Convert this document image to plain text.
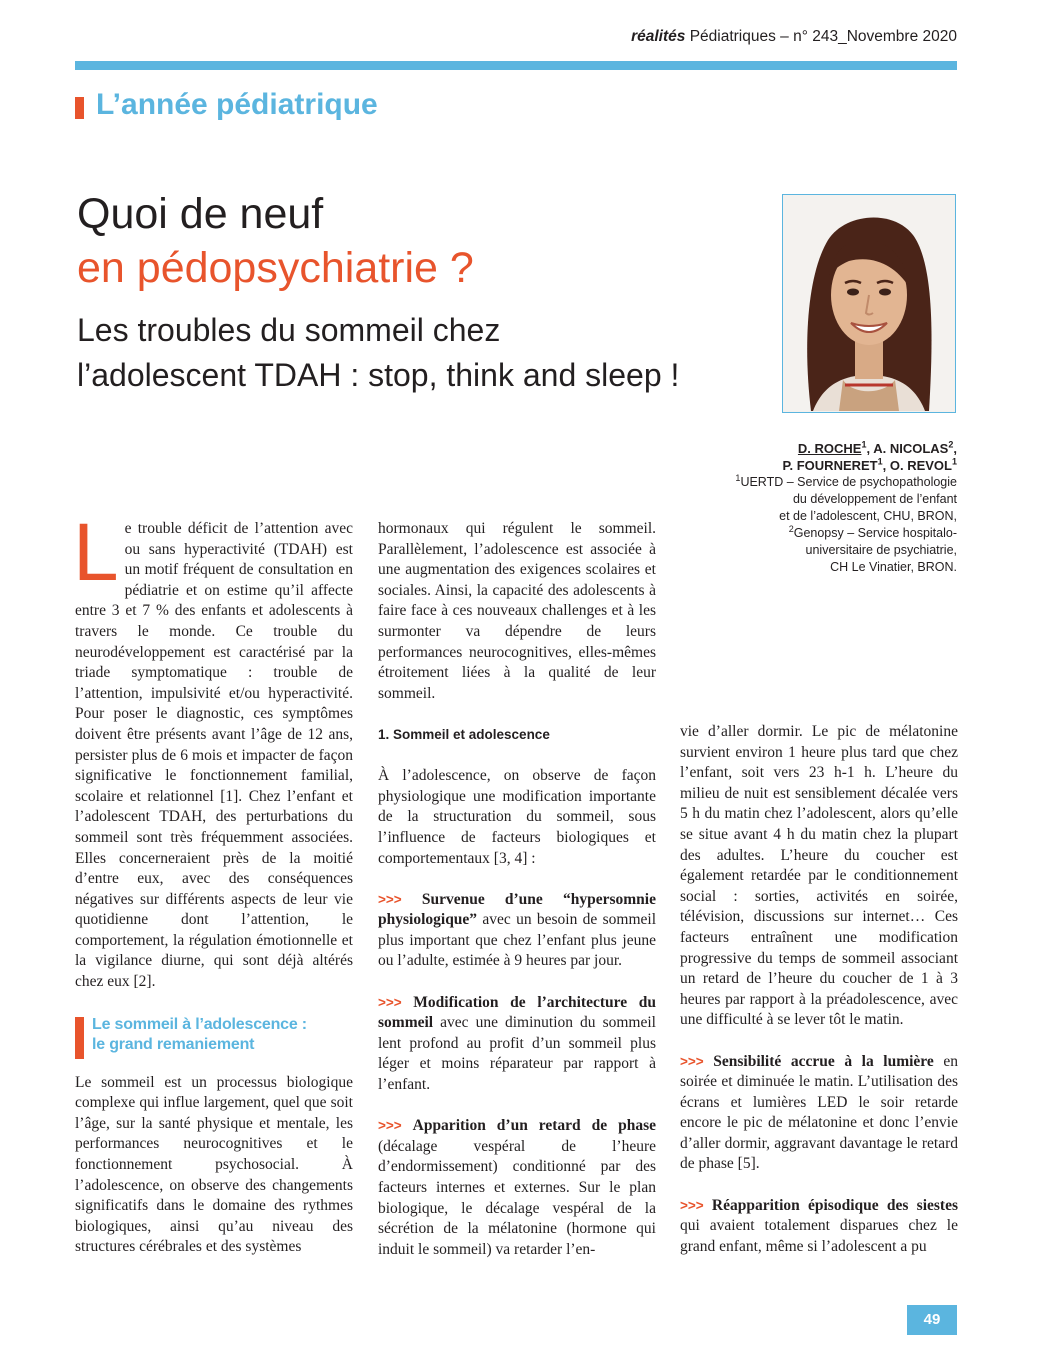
réalités Pédiatriques – n° 243_Novembre 2020
L’année pédiatrique
Quoi de neuf
en pédopsychiatrie ?
Les troubles du sommeil chez
l’adolescent TDAH : stop, think and sleep !
D. ROCHE$^1$, A. NICOLAS$^2$,
P. FOURNERET$^1$, O. REVOL$^1$
$^1$UERTD – Service de psychopathologie
du développement de l’enfant
et de l’adolescent, CHU, BRON,
$^2$Genopsy – Service hospitalo-
universitaire de psychiatrie,
CH Le Vinatier, BRON.

Le trouble déficit de l’attention avec ou sans hyperactivité (TDAH) est un motif fréquent de consultation en pédiatrie et on estime qu’il affecte entre 3 et 7 % des enfants et adolescents à travers le monde. Ce trouble du neurodéveloppement est caractérisé par la triade symptomatique : trouble de l’attention, impulsivité et/ou hyperactivité. Pour poser le diagnostic, ces symptômes doivent être présents avant l’âge de 12 ans, persister plus de 6 mois et impacter de façon significative le fonctionnement familial, scolaire et relationnel [1]. Chez l’enfant et l’adolescent TDAH, des perturbations du sommeil sont très fréquemment associées. Elles concerneraient près de la moitié d’entre eux, avec des conséquences négatives sur différents aspects de leur vie quotidienne dont l’attention, le comportement, la régulation émotionnelle et la vigilance diurne, qui sont déjà altérés chez eux [2].

Le sommeil à l’adolescence :
le grand remaniement

Le sommeil est un processus biologique complexe qui influe largement, quel que soit l’âge, sur la santé physique et mentale, les performances neurocognitives et le fonctionnement psychosocial. À l’adolescence, on observe des changements significatifs dans le domaine des rythmes biologiques, ainsi qu’au niveau des structures cérébrales et des systèmes

hormonaux qui régulent le sommeil. Parallèlement, l’adolescence est associée à une augmentation des exigences scolaires et sociales. Ainsi, la capacité des adolescents à faire face à ces nouveaux challenges et à les surmonter va dépendre de leurs performances neurocognitives, elles-mêmes étroitement liées à la qualité de leur sommeil.

1. Sommeil et adolescence

À l’adolescence, on observe de façon physiologique une modification importante de la structuration du sommeil, sous l’influence de facteurs biologiques et comportementaux [3, 4] :

>>> Survenue d’une “hypersomnie physiologique” avec un besoin de sommeil plus important que chez l’enfant plus jeune ou l’adulte, estimée à 9 heures par jour.

>>> Modification de l’architecture du sommeil avec une diminution du sommeil lent profond au profit d’un sommeil plus léger et moins réparateur par rapport à l’enfant.

>>> Apparition d’un retard de phase (décalage vespéral de l’heure d’endormissement) conditionné par des facteurs internes et externes. Sur le plan biologique, le décalage vespéral de la sécrétion de la mélatonine (hormone qui induit le sommeil) va retarder l’en-

vie d’aller dormir. Le pic de mélatonine survient environ 1 heure plus tard que chez l’enfant, soit vers 23 h-1 h. L’heure du milieu de nuit est sensiblement décalée vers 5 h du matin chez l’adolescent, alors qu’elle se situe avant 4 h du matin chez la plupart des adultes. L’heure du coucher est également retardée par le conditionnement social : sorties, activités en soirée, télévision, discussions sur internet… Ces facteurs entraînent une modification progressive du temps de sommeil associant un retard de l’heure du coucher de 1 à 3 heures par rapport à la préadolescence, avec une difficulté à se lever tôt le matin.

>>> Sensibilité accrue à la lumière en soirée et diminuée le matin. L’utilisation des écrans et lumières LED le soir retarde encore le pic de mélatonine et donc l’envie d’aller dormir, aggravant davantage le retard de phase [5].

>>> Réapparition épisodique des siestes qui avaient totalement disparues chez le grand enfant, même si l’adolescent a pu

49
